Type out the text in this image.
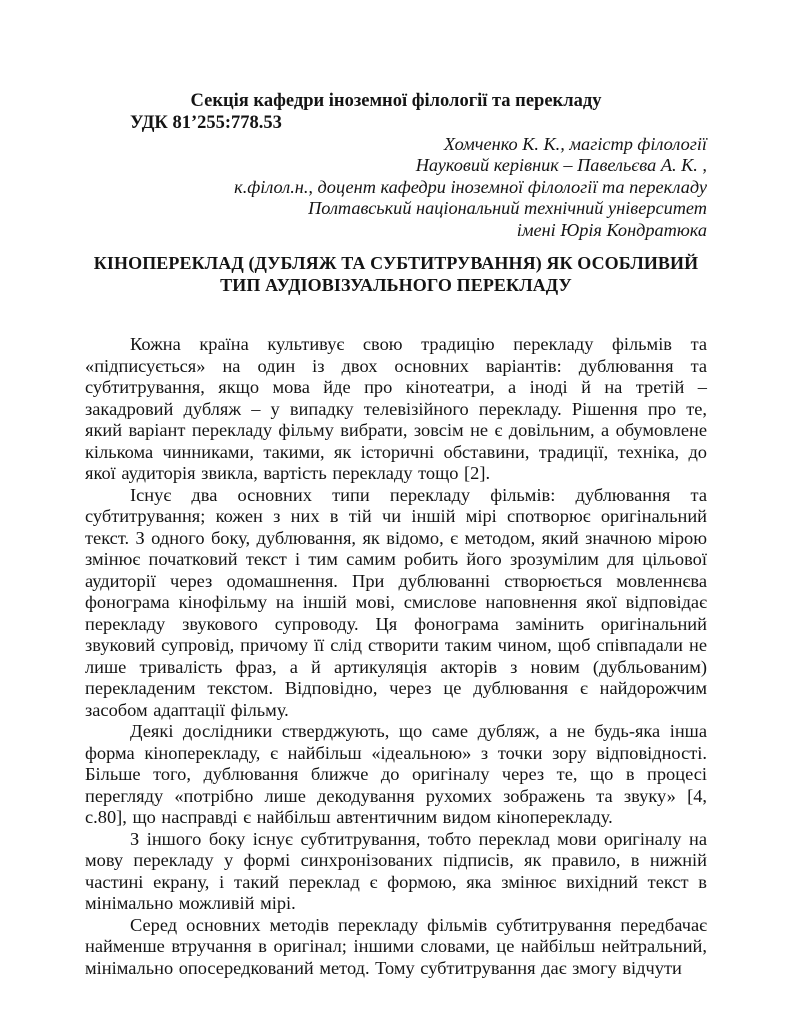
Секція кафедри іноземної філології та перекладу
УДК 81’255:778.53
Хомченко К. К., магістр філології
Науковий керівник – Павельєва А. К. ,
к.філол.н., доцент кафедри іноземної філології та перекладу
Полтавський національний технічний університет
імені Юрія Кондратюка
КІНОПЕРЕКЛАД (ДУБЛЯЖ ТА СУБТИТРУВАННЯ) ЯК ОСОБЛИВИЙ ТИП АУДІОВІЗУАЛЬНОГО ПЕРЕКЛАДУ

Кожна країна культивує свою традицію перекладу фільмів та «підписується» на один із двох основних варіантів: дублювання та субтитрування, якщо мова йде про кінотеатри, а іноді й на третій – закадровий дубляж – у випадку телевізійного перекладу. Рішення про те, який варіант перекладу фільму вибрати, зовсім не є довільним, а обумовлене кількома чинниками, такими, як історичні обставини, традиції, техніка, до якої аудиторія звикла, вартість перекладу тощо [2].

Існує два основних типи перекладу фільмів: дублювання та субтитрування; кожен з них в тій чи іншій мірі спотворює оригінальний текст. З одного боку, дублювання, як відомо, є методом, який значною мірою змінює початковий текст і тим самим робить його зрозумілим для цільової аудиторії через одомашнення. При дублюванні створюється мовленнєва фонограма кінофільму на іншій мові, смислове наповнення якої відповідає перекладу звукового супроводу. Ця фонограма замінить оригінальний звуковий супровід, причому її слід створити таким чином, щоб співпадали не лише тривалість фраз, а й артикуляція акторів з новим (дубльованим) перекладеним текстом. Відповідно, через це дублювання є найдорожчим засобом адаптації фільму.

Деякі дослідники стверджують, що саме дубляж, а не будь-яка інша форма кіноперекладу, є найбільш «ідеальною» з точки зору відповідності. Більше того, дублювання ближче до оригіналу через те, що в процесі перегляду «потрібно лише декодування рухомих зображень та звуку» [4, с.80], що насправді є найбільш автентичним видом кіноперекладу.

З іншого боку існує субтитрування, тобто переклад мови оригіналу на мову перекладу у формі синхронізованих підписів, як правило, в нижній частині екрану, і такий переклад є формою, яка змінює вихідний текст в мінімально можливій мірі.

Серед основних методів перекладу фільмів субтитрування передбачає найменше втручання в оригінал; іншими словами, це найбільш нейтральний, мінімально опосередкований метод. Тому субтитрування дає змогу відчути
